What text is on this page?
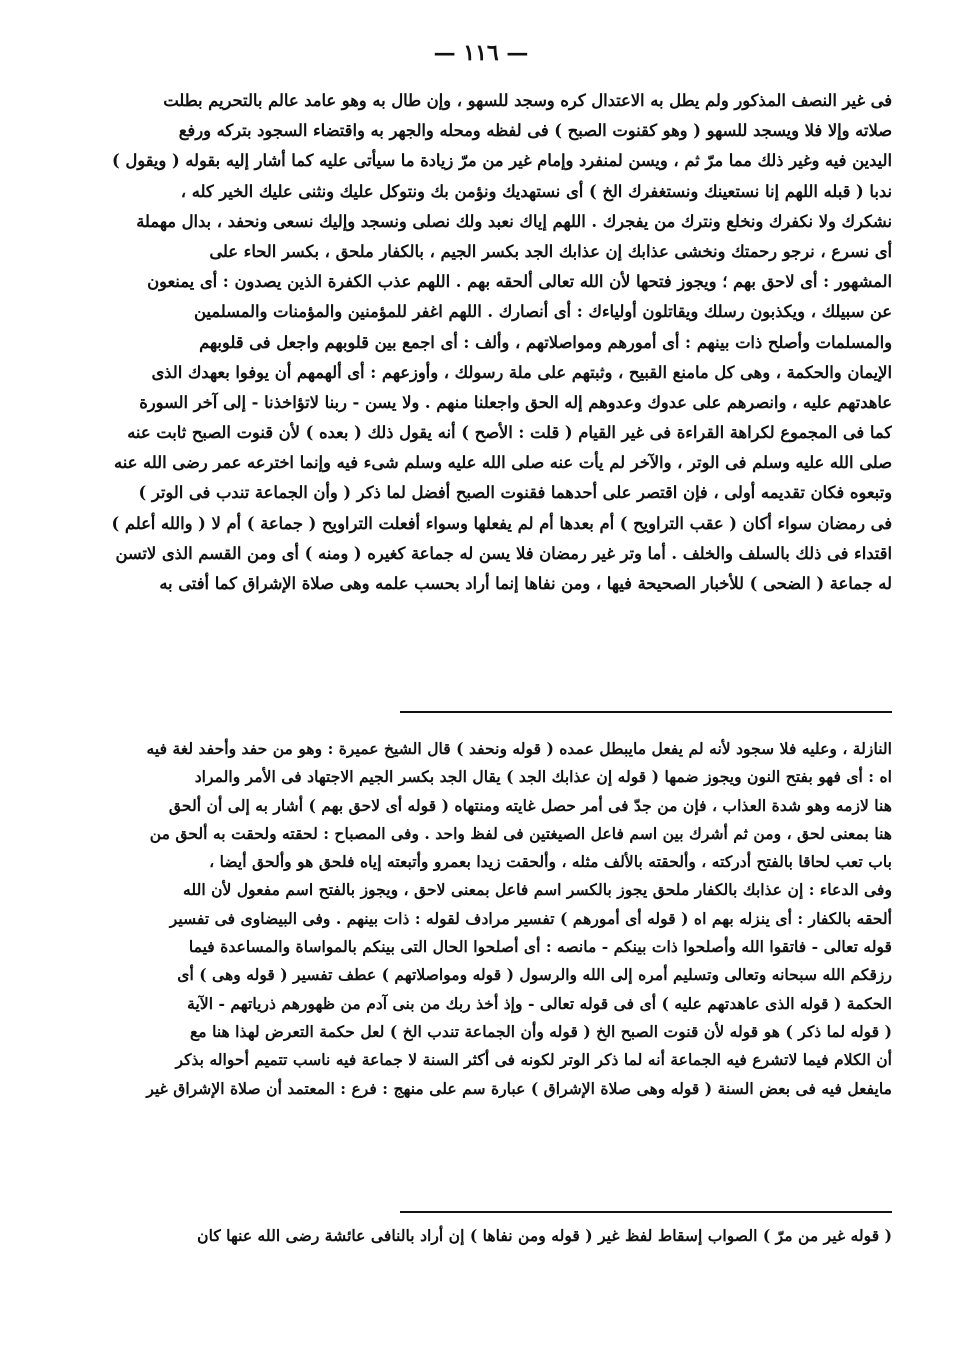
— ١١٦ —
فى غير النصف المذكور ولم يطل به الاعتدال كره وسجد للسهو ، وإن طال به وهو عامد عالم بالتحريم بطلت
صلاته وإلا فلا ويسجد للسهو ( وهو كقنوت الصبح ) فى لفظه ومحله والجهر به واقتضاء السجود بتركه ورفع
اليدين فيه وغير ذلك مما مرّ ثم ، ويسن لمنفرد وإمام غير من مرّ زيادة ما سيأتى عليه كما أشار إليه بقوله ( ويقول )
ندبا ( قبله اللهم إنا نستعينك ونستغفرك الخ ) أى نستهديك ونؤمن بك ونتوكل عليك ونثنى عليك الخير كله ،
نشكرك ولا نكفرك ونخلع ونترك من يفجرك . اللهم إياك نعبد ولك نصلى ونسجد وإليك نسعى ونحفد ، بدال مهملة
أى نسرع ، نرجو رحمتك ونخشى عذابك إن عذابك الجد بكسر الجيم ، بالكفار ملحق ، بكسر الحاء على
المشهور : أى لاحق بهم ؛ ويجوز فتحها لأن الله تعالى ألحقه بهم . اللهم عذب الكفرة الذين يصدون : أى يمنعون
عن سبيلك ، ويكذبون رسلك ويقاتلون أولياءك : أى أنصارك . اللهم اغفر للمؤمنين والمؤمنات والمسلمين
والمسلمات وأصلح ذات بينهم : أى أمورهم ومواصلاتهم ، وألف : أى اجمع بين قلوبهم واجعل فى قلوبهم
الإيمان والحكمة ، وهى كل مامنع القبيح ، وثبتهم على ملة رسولك ، وأوزعهم : أى ألهمهم أن يوفوا بعهدك الذى
عاهدتهم عليه ، وانصرهم على عدوك وعدوهم إله الحق واجعلنا منهم . ولا يسن - ربنا لاتؤاخذنا - إلى آخر السورة
كما فى المجموع لكراهة القراءة فى غير القيام ( قلت : الأصح ) أنه يقول ذلك ( بعده ) لأن قنوت الصبح ثابت عنه
صلى الله عليه وسلم فى الوتر ، والآخر لم يأت عنه صلى الله عليه وسلم شىء فيه وإنما اخترعه عمر رضى الله عنه
وتبعوه فكان تقديمه أولى ، فإن اقتصر على أحدهما فقنوت الصبح أفضل لما ذكر ( وأن الجماعة تندب فى الوتر )
فى رمضان سواء أكان ( عقب التراويح ) أم بعدها أم لم يفعلها وسواء أفعلت التراويح ( جماعة ) أم لا ( والله أعلم )
اقتداء فى ذلك بالسلف والخلف . أما وتر غير رمضان فلا يسن له جماعة كغيره ( ومنه ) أى ومن القسم الذى لاتسن
له جماعة ( الضحى ) للأخبار الصحيحة فيها ، ومن نفاها إنما أراد بحسب علمه وهى صلاة الإشراق كما أفتى به
النازلة ، وعليه فلا سجود لأنه لم يفعل مايبطل عمده ( قوله ونحفد ) قال الشيخ عميرة : وهو من حفد وأحفد لغة فيه
اه : أى فهو بفتح النون ويجوز ضمها ( قوله إن عذابك الجد ) يقال الجد بكسر الجيم الاجتهاد فى الأمر والمراد
هنا لازمه وهو شدة العذاب ، فإن من جدّ فى أمر حصل غايته ومنتهاه ( قوله أى لاحق بهم ) أشار به إلى أن ألحق
هنا بمعنى لحق ، ومن ثم أشرك بين اسم فاعل الصيغتين فى لفظ واحد . وفى المصباح : لحقته ولحقت به ألحق من
باب تعب لحاقا بالفتح أدركته ، وألحقته بالألف مثله ، وألحقت زيدا بعمرو وأتبعته إياه فلحق هو وألحق أيضا ،
وفى الدعاء : إن عذابك بالكفار ملحق يجوز بالكسر اسم فاعل بمعنى لاحق ، ويجوز بالفتح اسم مفعول لأن الله
ألحقه بالكفار : أى ينزله بهم اه ( قوله أى أمورهم ) تفسير مرادف لقوله : ذات بينهم . وفى البيضاوى فى تفسير
قوله تعالى - فاتقوا الله وأصلحوا ذات بينكم - مانصه : أى أصلحوا الحال التى بينكم بالمواساة والمساعدة فيما
رزقكم الله سبحانه وتعالى وتسليم أمره إلى الله والرسول ( قوله ومواصلاتهم ) عطف تفسير ( قوله وهى ) أى
الحكمة ( قوله الذى عاهدتهم عليه ) أى فى قوله تعالى - وإذ أخذ ربك من بنى آدم من ظهورهم ذرياتهم - الآية
( قوله لما ذكر ) هو قوله لأن قنوت الصبح الخ ( قوله وأن الجماعة تندب الخ ) لعل حكمة التعرض لهذا هنا مع
أن الكلام فيما لاتشرع فيه الجماعة أنه لما ذكر الوتر لكونه فى أكثر السنة لا جماعة فيه ناسب تتميم أحواله بذكر
مايفعل فيه فى بعض السنة ( قوله وهى صلاة الإشراق ) عبارة سم على منهج : فرع : المعتمد أن صلاة الإشراق غير
( قوله غير من مرّ ) الصواب إسقاط لفظ غير ( قوله ومن نفاها ) إن أراد بالنافى عائشة رضى الله عنها كان
